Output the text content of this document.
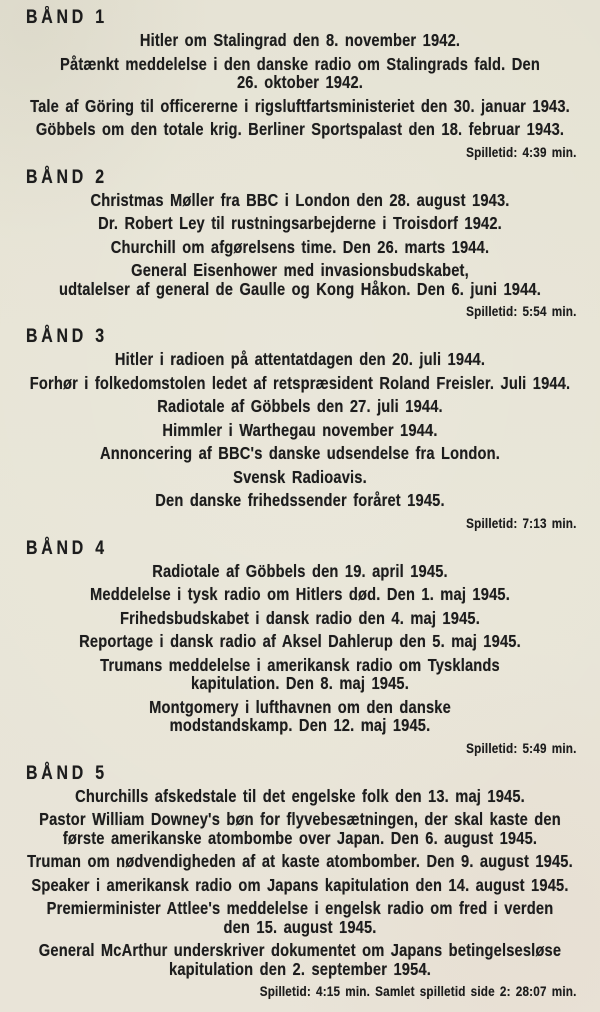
BÅND 1
Hitler om Stalingrad den 8. november 1942.
Påtænkt meddelelse i den danske radio om Stalingrads fald. Den
26. oktober 1942.
Tale af Göring til officererne i rigsluftfartsministeriet den 30. januar 1943.
Göbbels om den totale krig. Berliner Sportspalast den 18. februar 1943.
Spilletid: 4:39 min.
BÅND 2
Christmas Møller fra BBC i London den 28. august 1943.
Dr. Robert Ley til rustningsarbejderne i Troisdorf 1942.
Churchill om afgørelsens time. Den 26. marts 1944.
General Eisenhower med invasionsbudskabet,
udtalelser af general de Gaulle og Kong Håkon. Den 6. juni 1944.
Spilletid: 5:54 min.
BÅND 3
Hitler i radioen på attentatdagen den 20. juli 1944.
Forhør i folkedomstolen ledet af retspræsident Roland Freisler. Juli 1944.
Radiotale af Göbbels den 27. juli 1944.
Himmler i Warthegau november 1944.
Annoncering af BBC's danske udsendelse fra London.
Svensk Radioavis.
Den danske frihedssender foråret 1945.
Spilletid: 7:13 min.
BÅND 4
Radiotale af Göbbels den 19. april 1945.
Meddelelse i tysk radio om Hitlers død. Den 1. maj 1945.
Frihedsbudskabet i dansk radio den 4. maj 1945.
Reportage i dansk radio af Aksel Dahlerup den 5. maj 1945.
Trumans meddelelse i amerikansk radio om Tysklands
kapitulation. Den 8. maj 1945.
Montgomery i lufthavnen om den danske
modstandskamp. Den 12. maj 1945.
Spilletid: 5:49 min.
BÅND 5
Churchills afskedstale til det engelske folk den 13. maj 1945.
Pastor William Downey's bøn for flyvebesætningen, der skal kaste den
første amerikanske atombombe over Japan. Den 6. august 1945.
Truman om nødvendigheden af at kaste atombomber. Den 9. august 1945.
Speaker i amerikansk radio om Japans kapitulation den 14. august 1945.
Premierminister Attlee's meddelelse i engelsk radio om fred i verden
den 15. august 1945.
General McArthur underskriver dokumentet om Japans betingelsesløse
kapitulation den 2. september 1954.
Spilletid: 4:15 min. Samlet spilletid side 2: 28:07 min.
